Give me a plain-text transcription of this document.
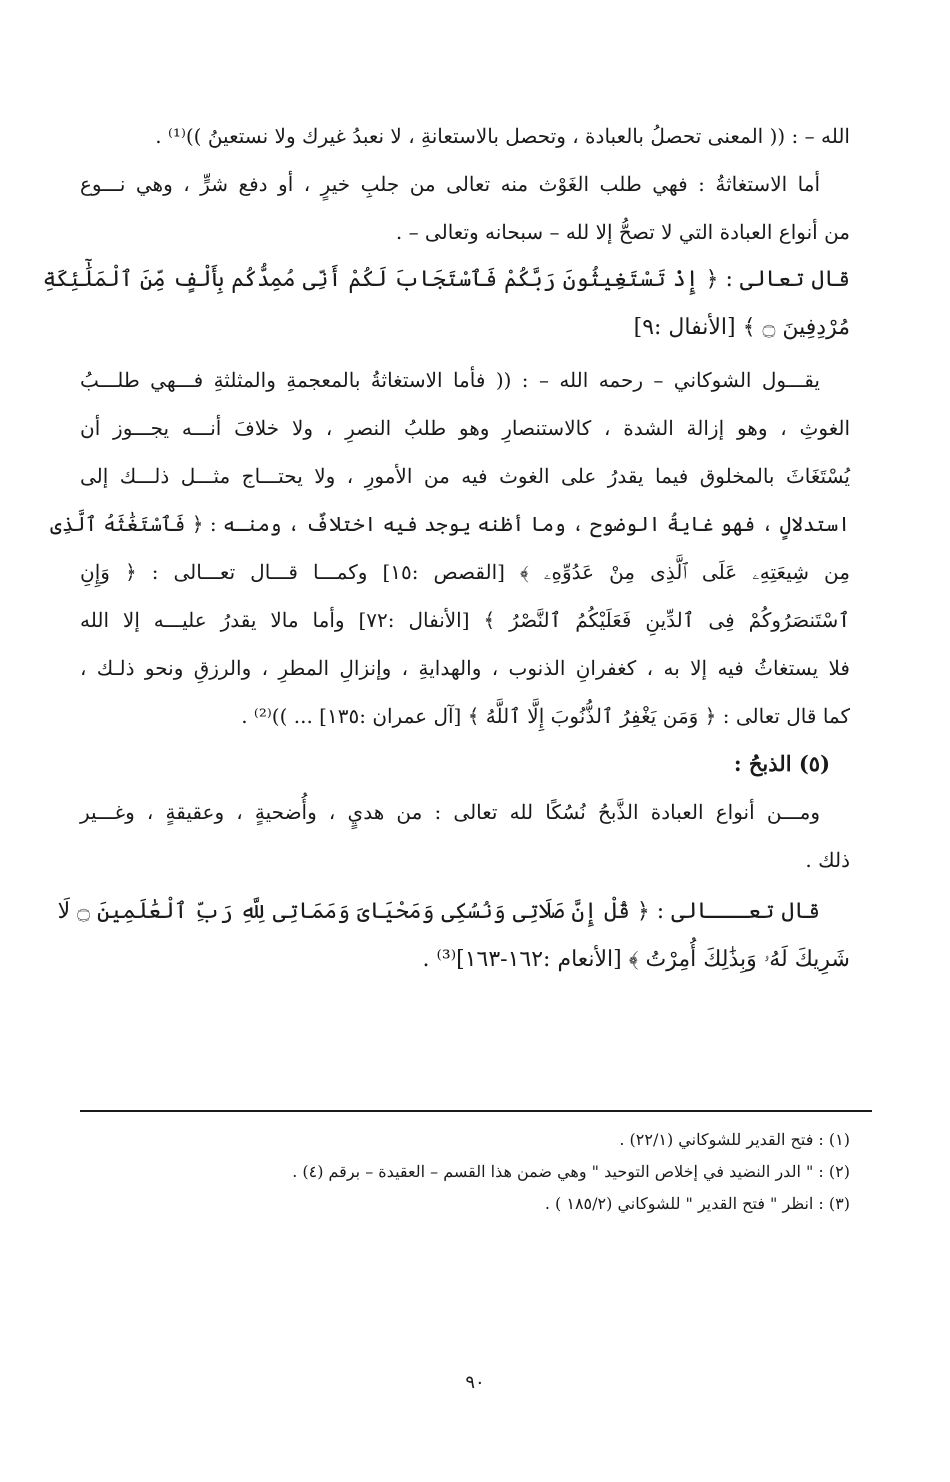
الله – : (( المعنى تحصلُ بالعبادة ، وتحصل بالاستعانةِ ، لا نعبدُ غيرك ولا نستعينُ ))⁽¹⁾ .
أما الاستغاثةُ : فهي طلب الغَوْث منه تعالى من جلبِ خيرٍ ، أو دفع شرٍّ ، وهي نـــوع
من أنواع العبادة التي لا تصحُّ إلا لله – سبحانه وتعالى – .
قال تعالى : ﴿ إِذْ تَسْتَغِيثُونَ رَبَّكُمْ فَٱسْتَجَابَ لَكُمْ أَنِّى مُمِدُّكُم بِأَلْفٍ مِّنَ ٱلْمَلَٰٓئِكَةِ
مُرْدِفِينَ ۝ ﴾ [الأنفال :٩]
يقـــول الشوكاني – رحمه الله – : (( فأما الاستغاثةُ بالمعجمةِ والمثلثةِ فـــهي طلـــبُ
الغوثِ ، وهو إزالة الشدة ، كالاستنصارِ وهو طلبُ النصرِ ، ولا خلافَ أنـــه يجـــوز أن
يُسْتَغَاثَ بالمخلوق فيما يقدرُ على الغوث فيه من الأمورِ ، ولا يحتـــاج مثـــل ذلـــك إلى
استدلالٍ ، فهو غايةُ الوضوح ، وما أظنه يوجد فيه اختلافٌ ، ومنـه : ﴿ فَٱسْتَغَٰثَهُ ٱلَّذِى
مِن شِيعَتِهِۦ عَلَى ٱلَّذِى مِنْ عَدُوِّهِۦ ﴾ [القصص :١٥] وكمـــا قـــال تعـــالى : ﴿ وَإِنِ
ٱسْتَنصَرُوكُمْ فِى ٱلدِّينِ فَعَلَيْكُمُ ٱلنَّصْرُ ﴾ [الأنفال :٧٢] وأما مالا يقدرُ عليـــه إلا الله
فلا يستغاثُ فيه إلا به ، كغفرانِ الذنوب ، والهدايةِ ، وإنزالِ المطرِ ، والرزقِ ونحو ذلـك ،
كما قال تعالى : ﴿ وَمَن يَغْفِرُ ٱلذُّنُوبَ إِلَّا ٱللَّهُ ﴾ [آل عمران :١٣٥] ... ))⁽²⁾ .
(٥) الذبحُ :
ومـــن أنواع العبادة الذَّبحُ نُسُكًا لله تعالى : من هديٍ ، وأُضحيةٍ ، وعقيقةٍ ، وغـــير
ذلك .
قال تعـــالى : ﴿ قُلْ إِنَّ صَلَاتِى وَنُسُكِى وَمَحْيَاىَ وَمَمَاتِى لِلَّهِ رَبِّ ٱلْعَٰلَمِينَ ۝ لَا
شَرِيكَ لَهُۥ وَبِذَٰلِكَ أُمِرْتُ ﴾ [الأنعام :١٦٢-١٦٣]⁽³⁾ .
(١) : فتح القدير للشوكاني (٢٢/١) .
(٢) : " الدر النضيد في إخلاص التوحيد " وهي ضمن هذا القسم – العقيدة – برقم (٤) .
(٣) : انظر " فتح القدير " للشوكاني (١٨٥/٢ ) .
٩٠
